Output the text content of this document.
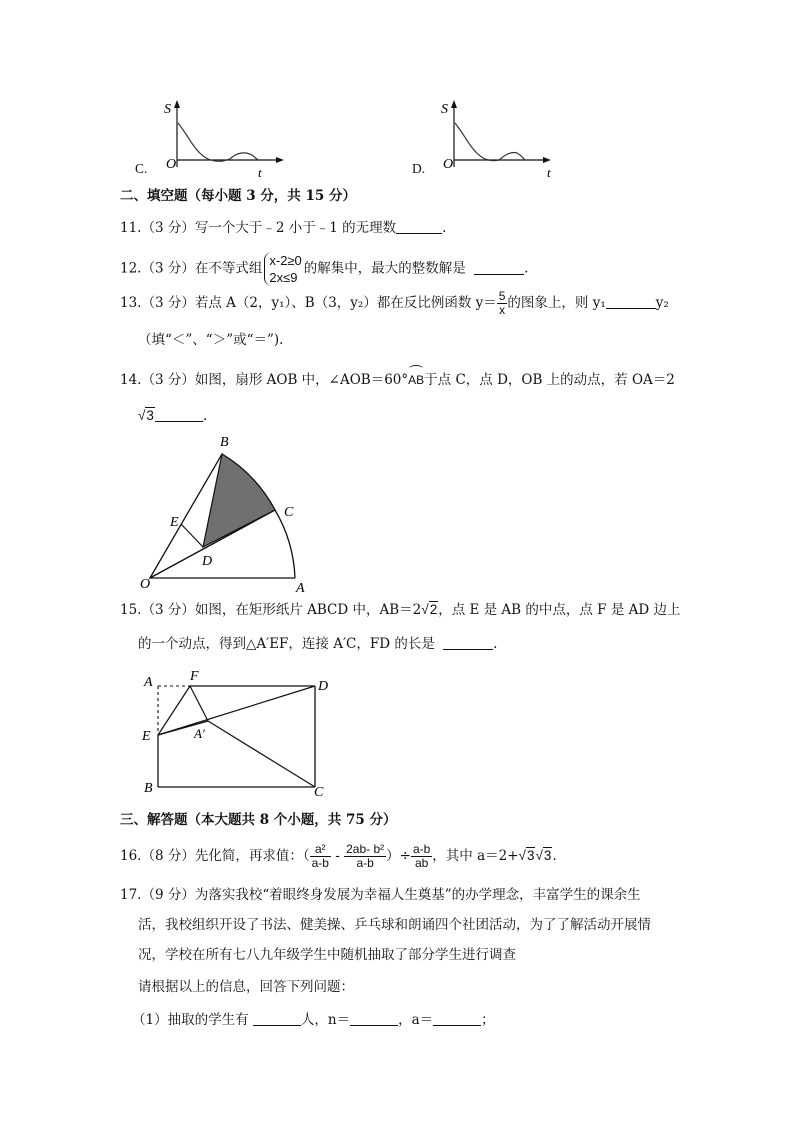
C.
S
t
O	D.
S
t
O
二、填空题（每小题 3 分，共 15 分）
11.（3 分）写一个大于﹣2 小于﹣1 的无理数	.
12.（3 分）在不等式组 x-2≥0
2x≤9
的解集中，最大的整数解是	.
13.（3 分）若点 A（2，y₁）、B（3，y₂）都在反比例函数 $y= \frac{5}{x}$ 的图象上，则 y₁	y₂
（填“＜”、“＞”或“＝”).
14.（3 分）如图，扇形 AOB 中，∠AOB＝60°AB于点 C，点 D，OB 上的动点，若 OA＝2
√3	.
B
C
E
D
O	A
15.（3 分）如图，在矩形纸片 ABCD 中，AB＝2√2，点 E 是 AB 的中点，点 F 是 AD 边上
的一个动点，得到△A′EF，连接 A′C，FD 的长是	.
A	F
D
E	A′
B	C
三、解答题（本大题共 8 个小题，共 75 分）
16.（8 分）先化简，再求值：（ $\frac{\text{a²}}{a-b} - \frac{\text{2ab- b²}}{a-b}$ ）÷ $\frac{a-b}{ab}$ ，其中 a＝2+√3√3.
17.（9 分）为落实我校“着眼终身发展为幸福人生奠基”的办学理念，丰富学生的课余生
活，我校组织开设了书法、健美操、乒乓球和朗诵四个社团活动，为了了解活动开展情
况，学校在所有七八九年级学生中随机抽取了部分学生进行调查
请根据以上的信息，回答下列问题：
（1）抽取的学生有	人，n＝	，a＝	；
